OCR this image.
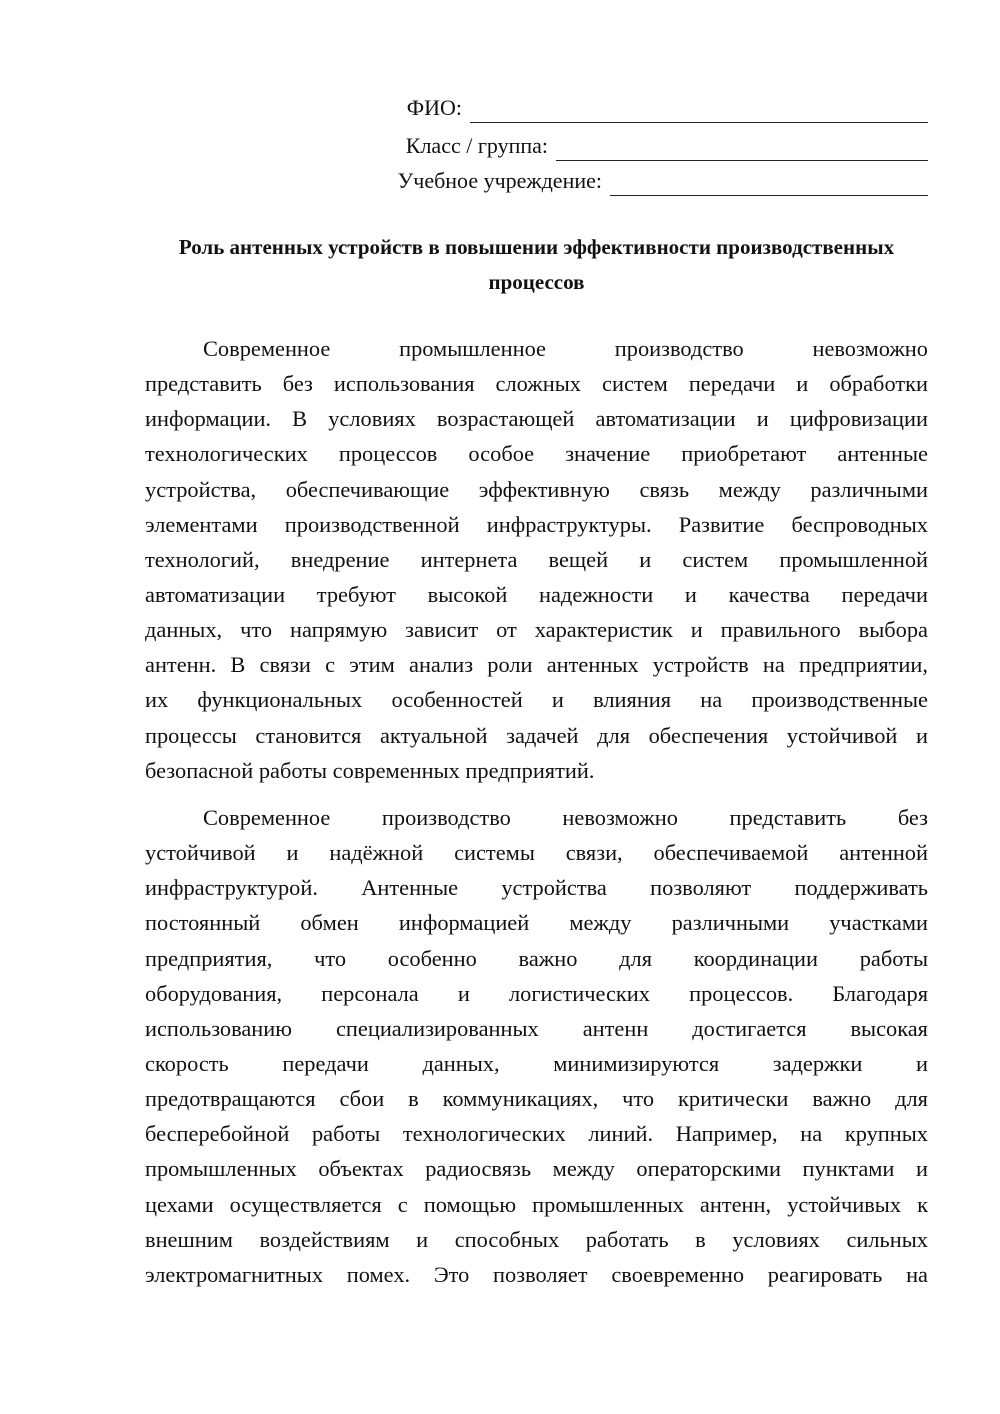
ФИО:
Класс / группа:
Учебное учреждение:
Роль антенных устройств в повышении эффективности производственных
процессов
Современное промышленное производство невозможно
представить без использования сложных систем передачи и обработки
информации. В условиях возрастающей автоматизации и цифровизации
технологических процессов особое значение приобретают антенные
устройства, обеспечивающие эффективную связь между различными
элементами производственной инфраструктуры. Развитие беспроводных
технологий, внедрение интернета вещей и систем промышленной
автоматизации требуют высокой надежности и качества передачи
данных, что напрямую зависит от характеристик и правильного выбора
антенн. В связи с этим анализ роли антенных устройств на предприятии,
их функциональных особенностей и влияния на производственные
процессы становится актуальной задачей для обеспечения устойчивой и
безопасной работы современных предприятий.
Современное производство невозможно представить без
устойчивой и надёжной системы связи, обеспечиваемой антенной
инфраструктурой. Антенные устройства позволяют поддерживать
постоянный обмен информацией между различными участками
предприятия, что особенно важно для координации работы
оборудования, персонала и логистических процессов. Благодаря
использованию специализированных антенн достигается высокая
скорость передачи данных, минимизируются задержки и
предотвращаются сбои в коммуникациях, что критически важно для
бесперебойной работы технологических линий. Например, на крупных
промышленных объектах радиосвязь между операторскими пунктами и
цехами осуществляется с помощью промышленных антенн, устойчивых к
внешним воздействиям и способных работать в условиях сильных
электромагнитных помех. Это позволяет своевременно реагировать на
